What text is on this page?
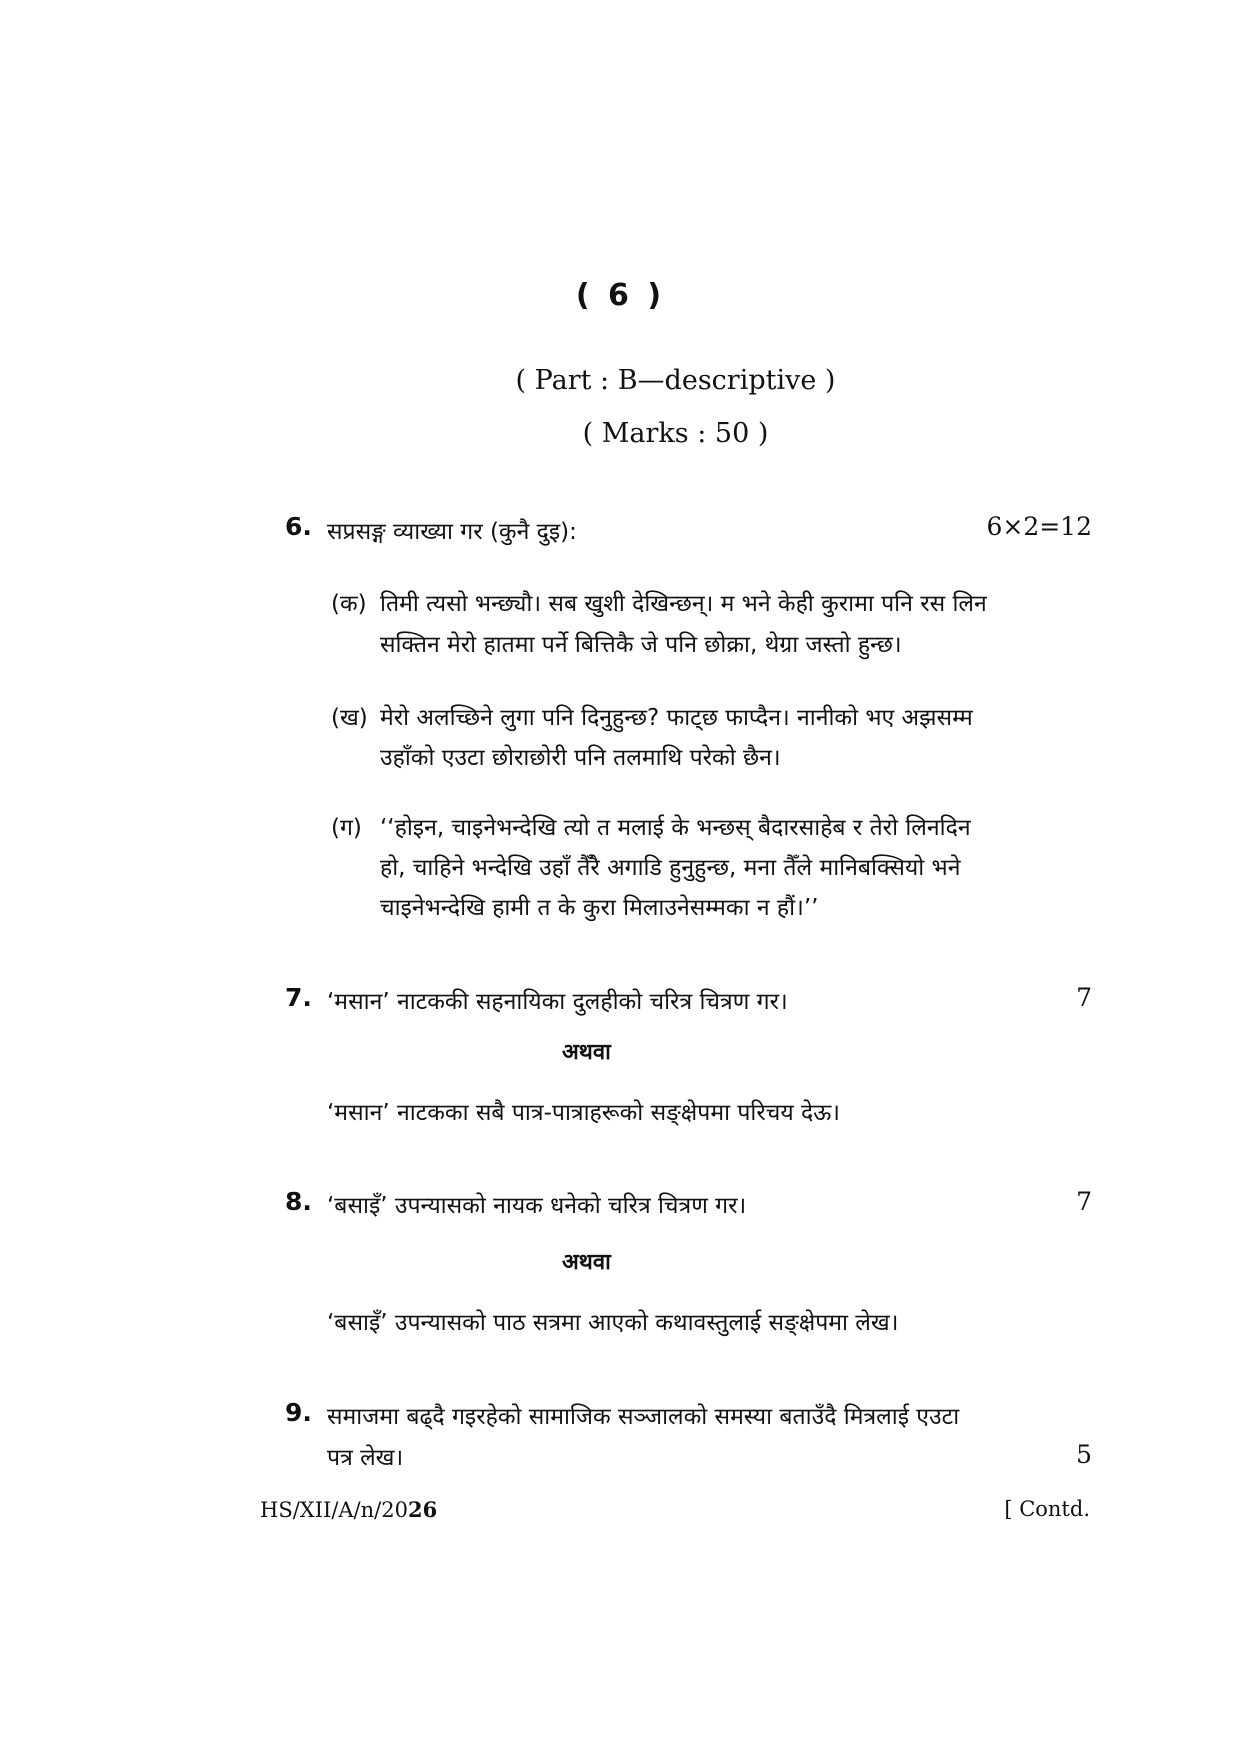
( 6 )
( Part : B—descriptive )
( Marks : 50 )
6. सप्रसङ्ग व्याख्या गर (कुनै दुइ):	6×2=12
(क) तिमी त्यसो भन्छ्यौ। सब खुशी देखिन्छन्। म भने केही कुरामा पनि रस लिन
सक्तिन मेरो हातमा पर्ने बित्तिकै जे पनि छोक्रा, थेग्रा जस्तो हुन्छ।
(ख) मेरो अलच्छिने लुगा पनि दिनुहुन्छ? फाट्छ फाप्दैन। नानीको भए अझसम्म
उहाँको एउटा छोराछोरी पनि तलमाथि परेको छैन।
(ग) ‘‘होइन, चाइनेभन्देखि त्यो त मलाई के भन्छस् बैदारसाहेब र तेरो लिनदिन
हो, चाहिने भन्देखि उहाँ तैँरै अगाडि हुनुहुन्छ, मना तैँले मानिबक्सियो भने
चाइनेभन्देखि हामी त के कुरा मिलाउनेसम्मका न हौं।’’
7. ‘मसान’ नाटककी सहनायिका दुलहीको चरित्र चित्रण गर।	7
अथवा
‘मसान’ नाटकका सबै पात्र-पात्राहरूको सङ्क्षेपमा परिचय देऊ।
8. ‘बसाइँ’ उपन्यासको नायक धनेको चरित्र चित्रण गर।	7
अथवा
‘बसाइँ’ उपन्यासको पाठ सत्रमा आएको कथावस्तुलाई सङ्क्षेपमा लेख।
9. समाजमा बढ्दै गइरहेको सामाजिक सञ्जालको समस्या बताउँदै मित्रलाई एउटा
पत्र लेख।	5
HS/XII/A/n/2026	[ Contd.
